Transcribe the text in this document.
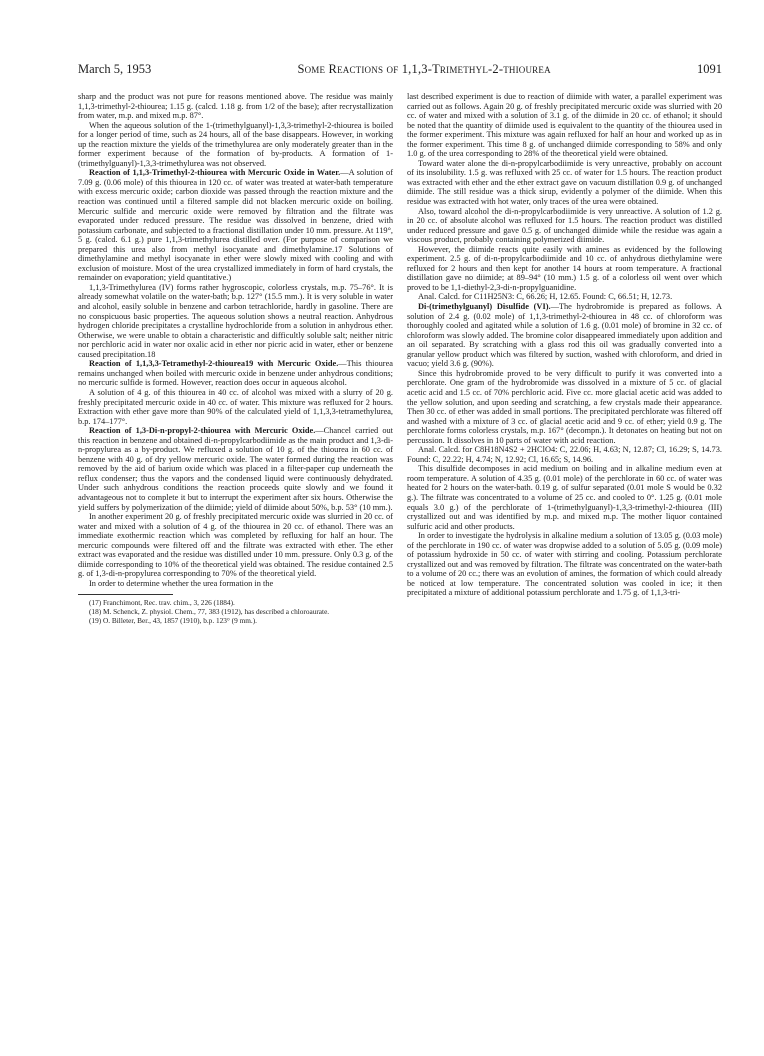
March 5, 1953	Some Reactions of 1,1,3-Trimethyl-2-thiourea	1091

sharp and the product was not pure for reasons mentioned above. The residue was mainly 1,1,3-trimethyl-2-thiourea; 1.15 g. (calcd. 1.18 g. from 1/2 of the base); after recrystallization from water, m.p. and mixed m.p. 87°.

When the aqueous solution of the 1-(trimethylguanyl)-1,3,3-trimethyl-2-thiourea is boiled for a longer period of time, such as 24 hours, all of the base disappears. However, in working up the reaction mixture the yields of the trimethylurea are only moderately greater than in the former experiment because of the formation of by-products. A formation of 1-(trimethylguanyl)-1,3,3-trimethylurea was not observed.

Reaction of 1,1,3-Trimethyl-2-thiourea with Mercuric Oxide in Water.—A solution of 7.09 g. (0.06 mole) of this thiourea in 120 cc. of water was treated at water-bath temperature with excess mercuric oxide; carbon dioxide was passed through the reaction mixture and the reaction was continued until a filtered sample did not blacken mercuric oxide on boiling. Mercuric sulfide and mercuric oxide were removed by filtration and the filtrate was evaporated under reduced pressure. The residue was dissolved in benzene, dried with potassium carbonate, and subjected to a fractional distillation under 10 mm. pressure. At 119°, 5 g. (calcd. 6.1 g.) pure 1,1,3-trimethylurea distilled over. (For purpose of comparison we prepared this urea also from methyl isocyanate and dimethylamine.17 Solutions of dimethylamine and methyl isocyanate in ether were slowly mixed with cooling and with exclusion of moisture. Most of the urea crystallized immediately in form of hard crystals, the remainder on evaporation; yield quantitative.)

1,1,3-Trimethylurea (IV) forms rather hygroscopic, colorless crystals, m.p. 75–76°. It is already somewhat volatile on the water-bath; b.p. 127° (15.5 mm.). It is very soluble in water and alcohol, easily soluble in benzene and carbon tetrachloride, hardly in gasoline. There are no conspicuous basic properties. The aqueous solution shows a neutral reaction. Anhydrous hydrogen chloride precipitates a crystalline hydrochloride from a solution in anhydrous ether. Otherwise, we were unable to obtain a characteristic and difficultly soluble salt; neither nitric nor perchloric acid in water nor oxalic acid in ether nor picric acid in water, ether or benzene caused precipitation.18

Reaction of 1,1,3,3-Tetramethyl-2-thiourea19 with Mercuric Oxide.—This thiourea remains unchanged when boiled with mercuric oxide in benzene under anhydrous conditions; no mercuric sulfide is formed. However, reaction does occur in aqueous alcohol.

A solution of 4 g. of this thiourea in 40 cc. of alcohol was mixed with a slurry of 20 g. freshly precipitated mercuric oxide in 40 cc. of water. This mixture was refluxed for 2 hours. Extraction with ether gave more than 90% of the calculated yield of 1,1,3,3-tetramethylurea, b.p. 174–177°.

Reaction of 1,3-Di-n-propyl-2-thiourea with Mercuric Oxide.—Chancel carried out this reaction in benzene and obtained di-n-propylcarbodiimide as the main product and 1,3-di-n-propylurea as a by-product. We refluxed a solution of 10 g. of the thiourea in 60 cc. of benzene with 40 g. of dry yellow mercuric oxide. The water formed during the reaction was removed by the aid of barium oxide which was placed in a filter-paper cup underneath the reflux condenser; thus the vapors and the condensed liquid were continuously dehydrated. Under such anhydrous conditions the reaction proceeds quite slowly and we found it advantageous not to complete it but to interrupt the experiment after six hours. Otherwise the yield suffers by polymerization of the diimide; yield of diimide about 50%, b.p. 53° (10 mm.).

In another experiment 20 g. of freshly precipitated mercuric oxide was slurried in 20 cc. of water and mixed with a solution of 4 g. of the thiourea in 20 cc. of ethanol. There was an immediate exothermic reaction which was completed by refluxing for half an hour. The mercuric compounds were filtered off and the filtrate was extracted with ether. The ether extract was evaporated and the residue was distilled under 10 mm. pressure. Only 0.3 g. of the diimide corresponding to 10% of the theoretical yield was obtained. The residue contained 2.5 g. of 1,3-di-n-propylurea corresponding to 70% of the theoretical yield.

In order to determine whether the urea formation in the

(17) Franchimont, Rec. trav. chim., 3, 226 (1884).

(18) M. Schenck, Z. physiol. Chem., 77, 383 (1912), has described a chloroaurate.

(19) O. Billeter, Ber., 43, 1857 (1910), b.p. 123° (9 mm.).

last described experiment is due to reaction of diimide with water, a parallel experiment was carried out as follows. Again 20 g. of freshly precipitated mercuric oxide was slurried with 20 cc. of water and mixed with a solution of 3.1 g. of the diimide in 20 cc. of ethanol; it should be noted that the quantity of diimide used is equivalent to the quantity of the thiourea used in the former experiment. This mixture was again refluxed for half an hour and worked up as in the former experiment. This time 8 g. of unchanged diimide corresponding to 58% and only 1.0 g. of the urea corresponding to 28% of the theoretical yield were obtained.

Toward water alone the di-n-propylcarbodiimide is very unreactive, probably on account of its insolubility. 1.5 g. was refluxed with 25 cc. of water for 1.5 hours. The reaction product was extracted with ether and the ether extract gave on vacuum distillation 0.9 g. of unchanged diimide. The still residue was a thick sirup, evidently a polymer of the diimide. When this residue was extracted with hot water, only traces of the urea were obtained.

Also, toward alcohol the di-n-propylcarbodiimide is very unreactive. A solution of 1.2 g. in 20 cc. of absolute alcohol was refluxed for 1.5 hours. The reaction product was distilled under reduced pressure and gave 0.5 g. of unchanged diimide while the residue was again a viscous product, probably containing polymerized diimide.

However, the diimide reacts quite easily with amines as evidenced by the following experiment. 2.5 g. of di-n-propylcarbodiimide and 10 cc. of anhydrous diethylamine were refluxed for 2 hours and then kept for another 14 hours at room temperature. A fractional distillation gave no diimide; at 89–94° (10 mm.) 1.5 g. of a colorless oil went over which proved to be 1,1-diethyl-2,3-di-n-propylguanidine.

Anal. Calcd. for C11H25N3: C, 66.26; H, 12.65. Found: C, 66.51; H, 12.73.

Di-(trimethylguanyl) Disulfide (VI).—The hydrobromide is prepared as follows. A solution of 2.4 g. (0.02 mole) of 1,1,3-trimethyl-2-thiourea in 48 cc. of chloroform was thoroughly cooled and agitated while a solution of 1.6 g. (0.01 mole) of bromine in 32 cc. of chloroform was slowly added. The bromine color disappeared immediately upon addition and an oil separated. By scratching with a glass rod this oil was gradually converted into a granular yellow product which was filtered by suction, washed with chloroform, and dried in vacuo; yield 3.6 g. (90%).

Since this hydrobromide proved to be very difficult to purify it was converted into a perchlorate. One gram of the hydrobromide was dissolved in a mixture of 5 cc. of glacial acetic acid and 1.5 cc. of 70% perchloric acid. Five cc. more glacial acetic acid was added to the yellow solution, and upon seeding and scratching, a few crystals made their appearance. Then 30 cc. of ether was added in small portions. The precipitated perchlorate was filtered off and washed with a mixture of 3 cc. of glacial acetic acid and 9 cc. of ether; yield 0.9 g. The perchlorate forms colorless crystals, m.p. 167° (decompn.). It detonates on heating but not on percussion. It dissolves in 10 parts of water with acid reaction.

Anal. Calcd. for C8H18N4S2 + 2HClO4: C, 22.06; H, 4.63; N, 12.87; Cl, 16.29; S, 14.73. Found: C, 22.22; H, 4.74; N, 12.92; Cl, 16.65; S, 14.96.

This disulfide decomposes in acid medium on boiling and in alkaline medium even at room temperature. A solution of 4.35 g. (0.01 mole) of the perchlorate in 60 cc. of water was heated for 2 hours on the water-bath. 0.19 g. of sulfur separated (0.01 mole S would be 0.32 g.). The filtrate was concentrated to a volume of 25 cc. and cooled to 0°. 1.25 g. (0.01 mole equals 3.0 g.) of the perchlorate of 1-(trimethylguanyl)-1,3,3-trimethyl-2-thiourea (III) crystallized out and was identified by m.p. and mixed m.p. The mother liquor contained sulfuric acid and other products.

In order to investigate the hydrolysis in alkaline medium a solution of 13.05 g. (0.03 mole) of the perchlorate in 190 cc. of water was dropwise added to a solution of 5.05 g. (0.09 mole) of potassium hydroxide in 50 cc. of water with stirring and cooling. Potassium perchlorate crystallized out and was removed by filtration. The filtrate was concentrated on the water-bath to a volume of 20 cc.; there was an evolution of amines, the formation of which could already be noticed at low temperature. The concentrated solution was cooled in ice; it then precipitated a mixture of additional potassium perchlorate and 1.75 g. of 1,1,3-tri-
